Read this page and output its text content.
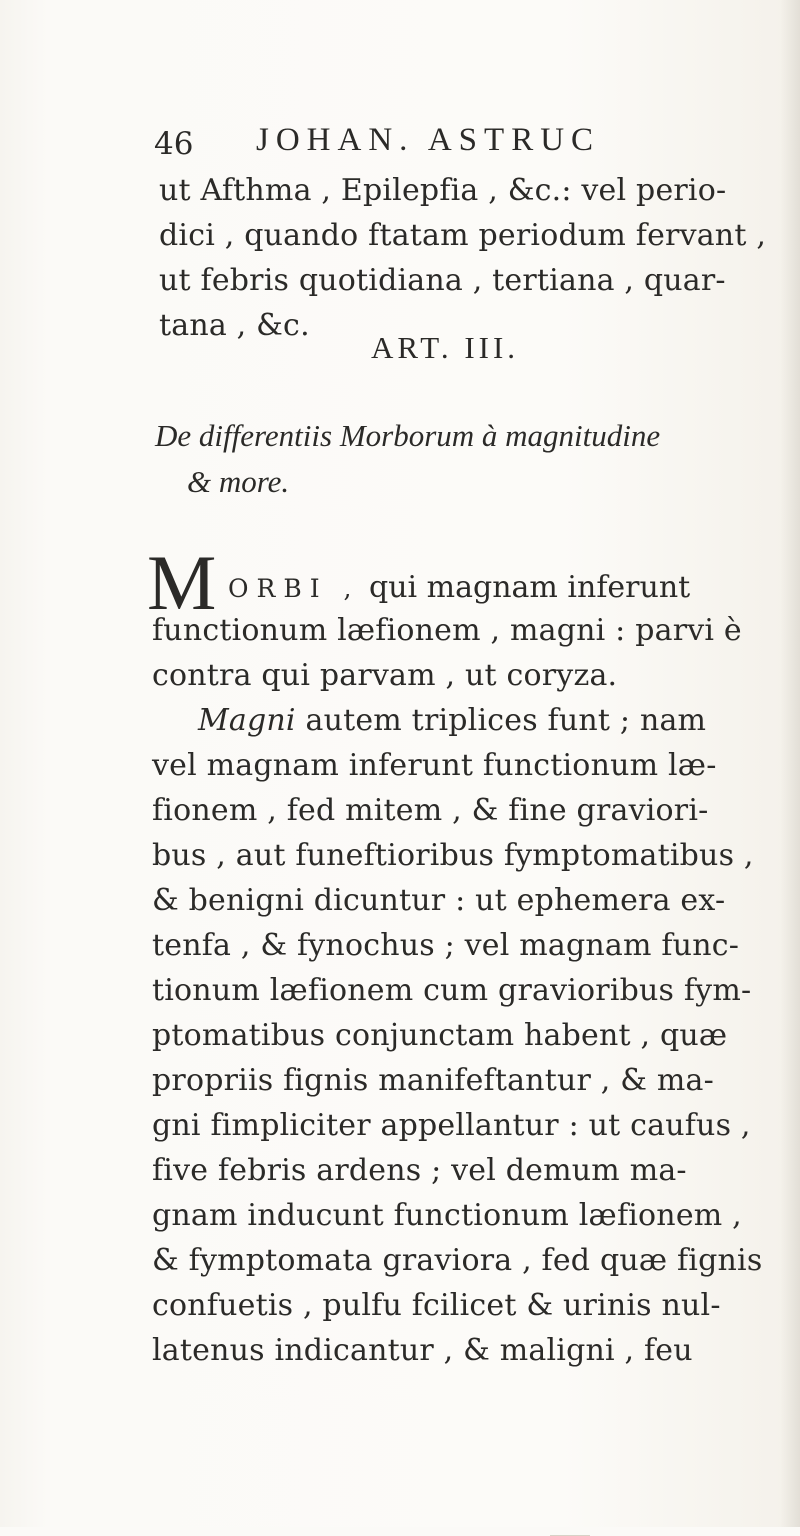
46 JOHAN. ASTRUC
ut Afthma , Epilepfia , &c.: vel perio-
dici , quando ftatam periodum fervant ,
ut febris quotidiana , tertiana , quar-
tana , &c.
ART. III.
De differentiis Morborum à magnitudine
& more.
M ORBI , qui magnam inferunt
functionum læfionem , magni : parvi è
contra qui parvam , ut coryza.
Magni autem triplices funt ; nam
vel magnam inferunt functionum læ-
fionem , fed mitem , & fine graviori-
bus , aut funeftioribus fymptomatibus ,
& benigni dicuntur : ut ephemera ex-
tenfa , & fynochus ; vel magnam func-
tionum læfionem cum gravioribus fym-
ptomatibus conjunctam habent , quæ
propriis fignis manifeftantur , & ma-
gni fimpliciter appellantur : ut caufus ,
five febris ardens ; vel demum ma-
gnam inducunt functionum læfionem ,
& fymptomata graviora , fed quæ fignis
confuetis , pulfu fcilicet & urinis nul-
latenus indicantur , & maligni , feu
